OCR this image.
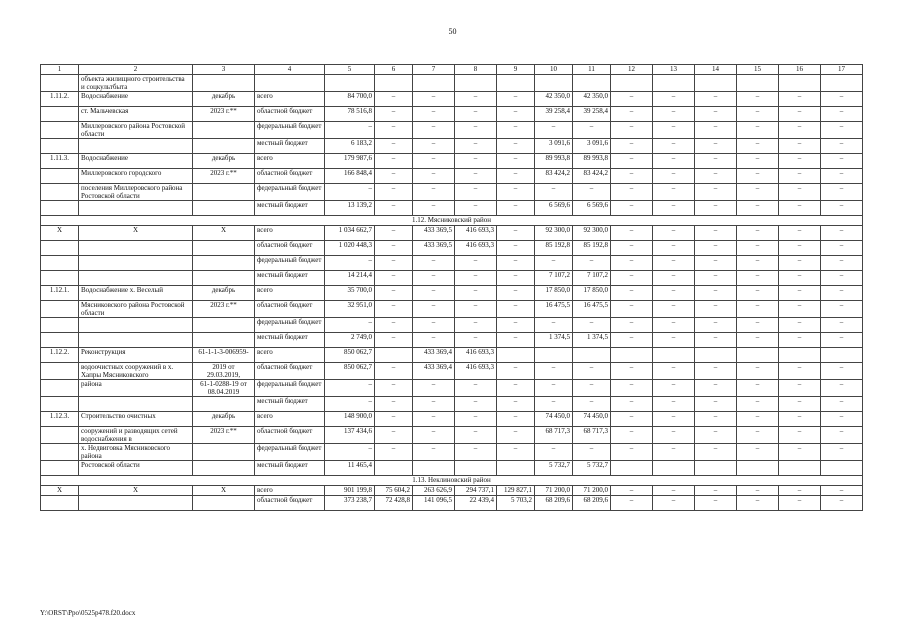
50
1	2	3	4	5	6	7	8	9	10	11	12	13	14	15	16	17
	объекта жилищного строительства и соцкультбыта															
1.11.2.	Водоснабжение	декабрь	всего	84 700,0	–	–	–	–	42 350,0	42 350,0	–	–	–	–	–	–
	ст. Мальчевская	2023 г.**	областной бюджет	78 516,8	–	–	–	–	39 258,4	39 258,4	–	–	–	–	–	–
	Миллеровского района Ростовской области		федеральный бюджет	–	–	–	–	–	–	–	–	–	–	–	–	–
			местный бюджет	6 183,2	–	–	–	–	3 091,6	3 091,6	–	–	–	–	–	–
1.11.3.	Водоснабжение	декабрь	всего	179 987,6	–	–	–	–	89 993,8	89 993,8	–	–	–	–	–	–
	Миллеровского городского	2023 г.**	областной бюджет	166 848,4	–	–	–	–	83 424,2	83 424,2	–	–	–	–	–	–
	поселения Миллеровского района Ростовской области		федеральный бюджет	–	–	–	–	–	–	–	–	–	–	–	–	–
			местный бюджет	13 139,2	–	–	–	–	6 569,6	6 569,6	–	–	–	–	–	–
1.12. Мясниковский район																
Х	Х	Х	всего	1 034 662,7	–	433 369,5	416 693,3	–	92 300,0	92 300,0	–	–	–	–	–	–
			областной бюджет	1 020 448,3	–	433 369,5	416 693,3	–	85 192,8	85 192,8	–	–	–	–	–	–
			федеральный бюджет	–	–	–	–	–	–	–	–	–	–	–	–	–
			местный бюджет	14 214,4	–	–	–	–	7 107,2	7 107,2	–	–	–	–	–	–
1.12.1.	Водоснабжение х. Веселый	декабрь	всего	35 700,0	–	–	–	–	17 850,0	17 850,0	–	–	–	–	–	–
	Мясниковского района Ростовской области	2023 г.**	областной бюджет	32 951,0	–	–	–	–	16 475,5	16 475,5	–	–	–	–	–	–
			федеральный бюджет	–	–	–	–	–	–	–	–	–	–	–	–	–
			местный бюджет	2 749,0	–	–	–	–	1 374,5	1 374,5	–	–	–	–	–	–
1.12.2.	Реконструкция	61-1-1-3-006959-	всего	850 062,7		433 369,4	416 693,3									
	водоочистных сооружений в х. Хапры Мясниковского	2019 от 29.03.2019,	областной бюджет	850 062,7	–	433 369,4	416 693,3	–	–	–	–	–	–	–	–	–
	района	61-1-0288-19 от 08.04.2019	федеральный бюджет	–	–	–	–	–	–	–	–	–	–	–	–	–
			местный бюджет	–	–	–	–	–	–	–	–	–	–	–	–	–
1.12.3.	Строительство очистных	декабрь	всего	148 900,0	–	–	–	–	74 450,0	74 450,0	–	–	–	–	–	–
	сооружений и разводящих сетей водоснабжения в	2023 г.**	областной бюджет	137 434,6	–	–	–	–	68 717,3	68 717,3	–	–	–	–	–	–
	х. Недвиговка Мясниковского района		федеральный бюджет	–	–	–	–	–	–	–	–	–	–	–	–	–
	Ростовской области		местный бюджет	11 465,4					5 732,7	5 732,7						
1.13. Неклиновский район																
Х	Х	Х	всего	901 199,8	75 604,2	263 626,9	294 737,1	129 827,1	71 200,0	71 200,0	–	–	–	–	–	–
			областной бюджет	373 238,7	72 428,8	141 096,5	22 439,4	5 703,2	68 209,6	68 209,6	–	–	–	–	–	–
Y:\ORST\Ppo\0525p478.f20.docx
